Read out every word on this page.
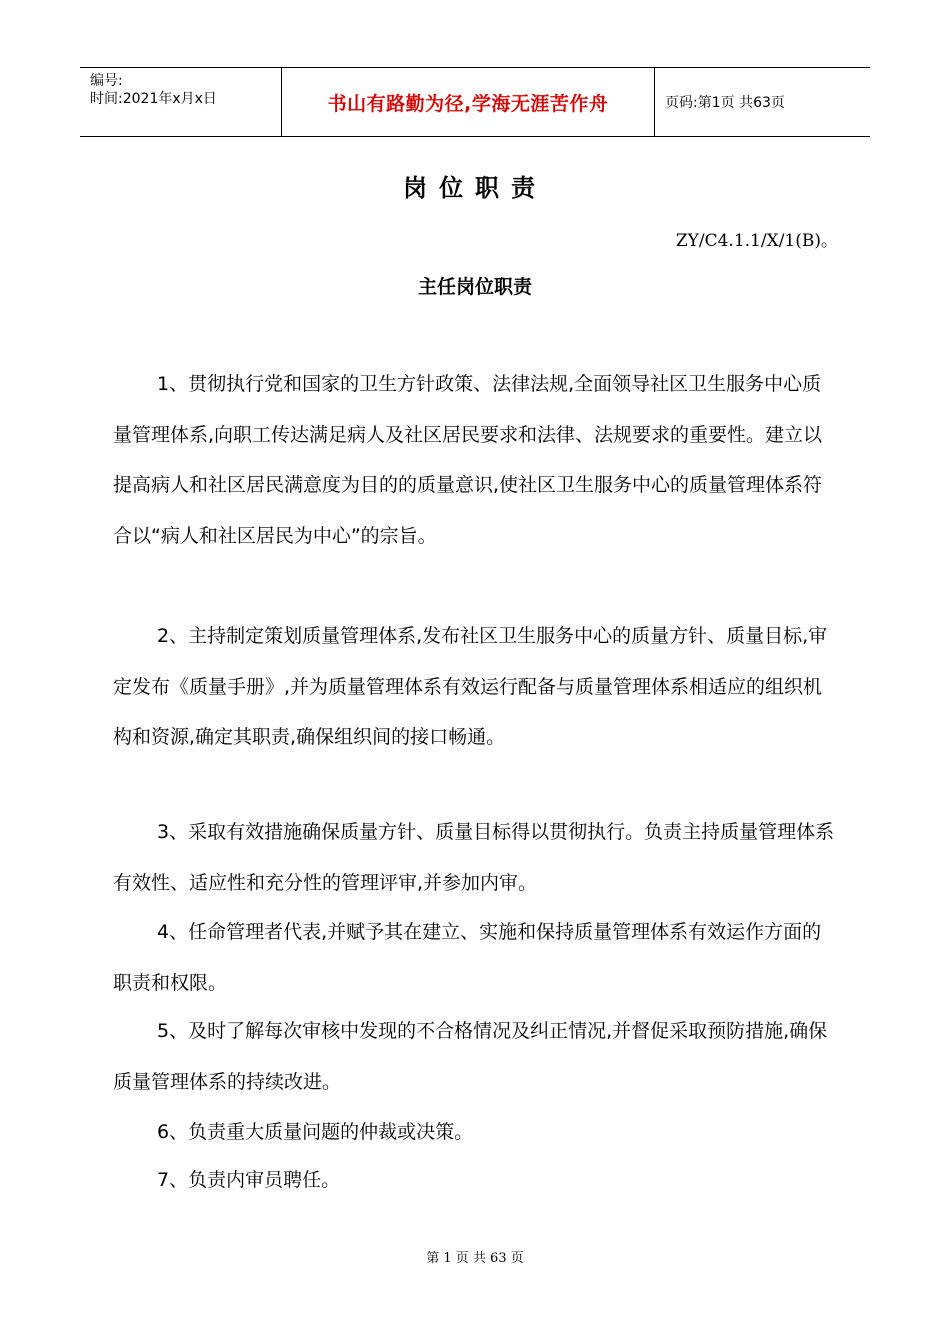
编号:
时间:2021年x月x日	书山有路勤为径,学海无涯苦作舟	页码:第1页 共63页
岗位职责
ZY/C4.1.1/X/1(B)。
主任岗位职责
1、贯彻执行党和国家的卫生方针政策、法律法规,全面领导社区卫生服务中心质量管理体系,向职工传达满足病人及社区居民要求和法律、法规要求的重要性。建立以提高病人和社区居民满意度为目的的质量意识,使社区卫生服务中心的质量管理体系符合以“病人和社区居民为中心”的宗旨。
2、主持制定策划质量管理体系,发布社区卫生服务中心的质量方针、质量目标,审定发布《质量手册》,并为质量管理体系有效运行配备与质量管理体系相适应的组织机构和资源,确定其职责,确保组织间的接口畅通。
3、采取有效措施确保质量方针、质量目标得以贯彻执行。负责主持质量管理体系有效性、适应性和充分性的管理评审,并参加内审。
4、任命管理者代表,并赋予其在建立、实施和保持质量管理体系有效运作方面的职责和权限。
5、及时了解每次审核中发现的不合格情况及纠正情况,并督促采取预防措施,确保质量管理体系的持续改进。
6、负责重大质量问题的仲裁或决策。
7、负责内审员聘任。
第 1 页 共 63 页
